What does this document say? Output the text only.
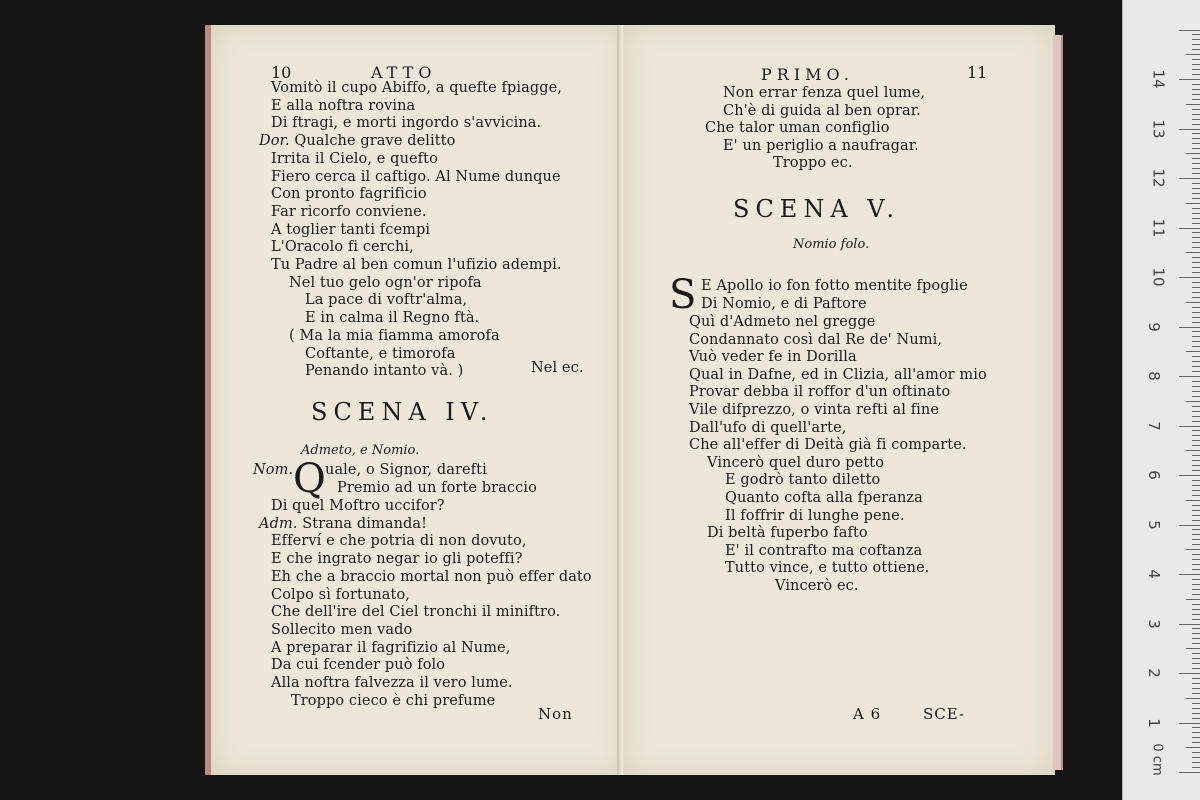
10	ATTO
Vomitò il cupo Abiffo, a quefte fpiagge,
E alla noftra rovina
Di ftragi, e morti ingordo s'avvicina.
Dor. Qualche grave delitto
Irrita il Cielo, e quefto
Fiero cerca il caftigo. Al Nume dunque
Con pronto fagrificio
Far ricorfo conviene.
A toglier tanti fcempi
L'Oracolo fi cerchi,
Tu Padre al ben comun l'ufizio adempi.
Nel tuo gelo ogn'or ripofa
La pace di voftr'alma,
E in calma il Regno ftà.
( Ma la mia fiamma amorofa
Coftante, e timorofa
Penando intanto và. )	Nel ec.
SCENA IV.
Admeto, e Nomio.
Nom. Q uale, o Signor, darefti
Premio ad un forte braccio
Di quel Moftro uccifor?
Adm. Strana dimanda!
Efferví e che potria di non dovuto,
E che ingrato negar io gli poteffi?
Eh che a braccio mortal non può effer dato
Colpo sì fortunato,
Che dell'ire del Ciel tronchi il miniftro.
Sollecito men vado
A preparar il fagrifizio al Nume,
Da cui fcender può folo
Alla noftra falvezza il vero lume.
Troppo cieco è chi prefume
Non
PRIMO.	11
Non errar fenza quel lume,
Ch'è di guida al ben oprar.
Che talor uman configlio
E' un periglio a naufragar.
Troppo ec.
SCENA V.
Nomio folo.
S E Apollo io fon fotto mentite fpoglie
Di Nomio, e di Paftore
Quì d'Admeto nel gregge
Condannato così dal Re de' Numi,
Vuò veder fe in Dorilla
Qual in Dafne, ed in Clizia, all'amor mio
Provar debba il roffor d'un oftinato
Vile difprezzo, o vinta refti al fine
Dall'ufo di quell'arte,
Che all'effer di Deità già fi comparte.
Vincerò quel duro petto
E godrò tanto diletto
Quanto cofta alla fperanza
Il foffrir di lunghe pene.
Di beltà fuperbo fafto
E' il contrafto ma coftanza
Tutto vince, e tutto ottiene.
Vincerò ec.
A 6	SCE-
0 cm
1
2
3
4
5
6
7
8
9
10
11
12
13
14
